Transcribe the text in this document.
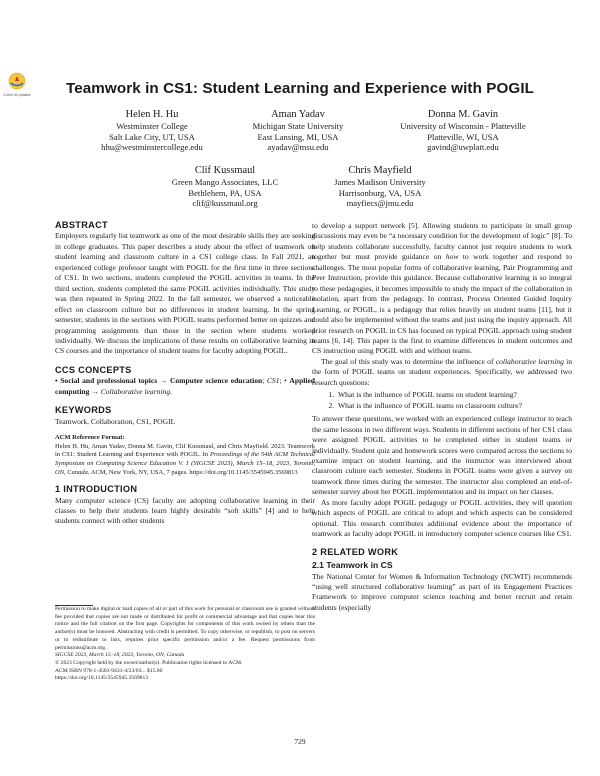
Check for updates	Teamwork in CS1: Student Learning and Experience with POGIL
Helen H. Hu
Westminster College
Salt Lake City, UT, USA
hhu@westminstercollege.edu
Aman Yadav
Michigan State University
East Lansing, MI, USA
ayadav@msu.edu
Donna M. Gavin
University of Wisconsin - Platteville
Platteville, WI, USA
gavind@uwplatt.edu
Clif Kussmaul
Green Mango Associates, LLC
Bethlehem, PA, USA
clif@kussmaul.org
Chris Mayfield
James Madison University
Harrisonburg, VA, USA
mayfiecs@jmu.edu
ABSTRACT

Employers regularly list teamwork as one of the most desirable skills they are seeking in college graduates. This paper describes a study about the effect of teamwork on student learning and classroom culture in a CS1 college class. In Fall 2021, an experienced college professor taught with POGIL for the first time in three sections of CS1. In two sections, students completed the POGIL activities in teams. In the third section, students completed the same POGIL activities individually. This study was then repeated in Spring 2022. In the fall semester, we observed a noticeable effect on classroom culture but no differences in student learning. In the spring semester, students in the sections with POGIL teams performed better on quizzes and programming assignments than those in the section where students worked individually. We discuss the implications of these results on collaborative learning in CS courses and the importance of student teams for faculty adopting POGIL.

CCS CONCEPTS

• Social and professional topics → Computer science education; CS1; • Applied computing → Collaborative learning.

KEYWORDS

Teamwork, Collaboration, CS1, POGIL

ACM Reference Format:
Helen H. Hu, Aman Yadav, Donna M. Gavin, Clif Kussmaul, and Chris Mayfield. 2023. Teamwork in CS1: Student Learning and Experience with POGIL. In Proceedings of the 54th ACM Technical Symposium on Computing Science Education V. 1 (SIGCSE 2023), March 15–18, 2023, Toronto, ON, Canada. ACM, New York, NY, USA, 7 pages. https://doi.org/10.1145/3545945.3569813
1 INTRODUCTION

Many computer science (CS) faculty are adopting collaborative learning in their classes to help their students learn highly desirable “soft skills” [4] and to help students connect with other students

Permission to make digital or hard copies of all or part of this work for personal or classroom use is granted without fee provided that copies are not made or distributed for profit or commercial advantage and that copies bear this notice and the full citation on the first page. Copyrights for components of this work owned by others than the author(s) must be honored. Abstracting with credit is permitted. To copy otherwise, or republish, to post on servers or to redistribute to lists, requires prior specific permission and/or a fee. Request permissions from permissions@acm.org.
SIGCSE 2023, March 15–18, 2023, Toronto, ON, Canada
© 2023 Copyright held by the owner/author(s). Publication rights licensed to ACM.
ACM ISBN 978-1-4503-9431-4/23/03... $15.00
https://doi.org/10.1145/3545945.3569813

to develop a support network [5]. Allowing students to participate in small group discussions may even be “a necessary condition for the development of logic” [8]. To help students collaborate successfully, faculty cannot just require students to work together but must provide guidance on how to work together and respond to challenges. The most popular forms of collaborative learning, Pair Programming and Peer Instruction, provide this guidance. Because collaborative learning is so integral to these pedagogies, it becomes impossible to study the impact of the collaboration in isolation, apart from the pedagogy. In contrast, Process Oriented Guided Inquiry Learning, or POGIL, is a pedagogy that relies heavily on student teams [11], but it could also be implemented without the teams and just using the inquiry approach. All prior research on POGIL in CS has focused on typical POGIL approach using student teams [6, 14]. This paper is the first to examine differences in student outcomes and CS instruction using POGIL with and without teams.

The goal of this study was to determine the influence of collaborative learning in the form of POGIL teams on student experiences. Specifically, we addressed two research questions:

1. What is the influence of POGIL teams on student learning?
2. What is the influence of POGIL teams on classroom culture?

To answer these questions, we worked with an experienced college instructor to teach the same lessons in two different ways. Students in different sections of her CS1 class were assigned POGIL activities to be completed either in student teams or individually. Student quiz and homework scores were compared across the sections to examine impact on student learning, and the instructor was interviewed about classroom culture each semester. Students in POGIL teams were given a survey on teamwork three times during the semester. The instructor also completed an end-of-semester survey about her POGIL implementation and its impact on her classes.

As more faculty adopt POGIL pedagogy or POGIL activities, they will question which aspects of POGIL are critical to adopt and which aspects can be considered optional. This research contributes additional evidence about the importance of teamwork as faculty adopt POGIL in introductory computer science courses like CS1.

2 RELATED WORK
2.1 Teamwork in CS

The National Center for Women & Information Technology (NCWIT) recommends “using well structured collaborative learning” as part of its Engagement Practices Framework to improve computer science teaching and better recruit and retain students (especially

729
